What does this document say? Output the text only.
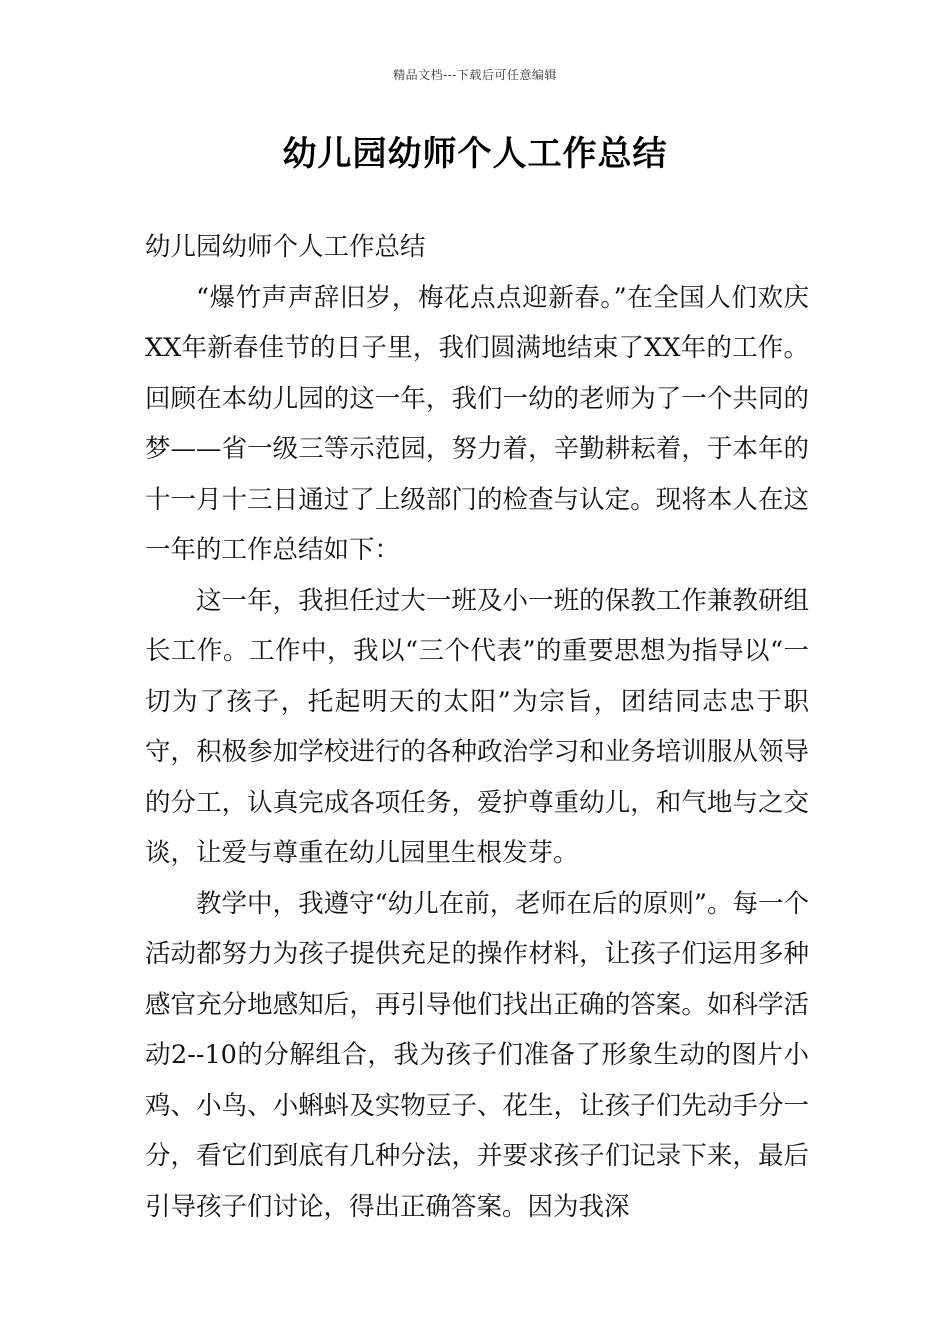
精品文档---下载后可任意编辑
幼儿园幼师个人工作总结

幼儿园幼师个人工作总结

“爆竹声声辞旧岁，梅花点点迎新春。”在全国人们欢庆XX年新春佳节的日子里，我们圆满地结束了XX年的工作。回顾在本幼儿园的这一年，我们一幼的老师为了一个共同的梦——省一级三等示范园，努力着，辛勤耕耘着，于本年的十一月十三日通过了上级部门的检查与认定。现将本人在这一年的工作总结如下：

这一年，我担任过大一班及小一班的保教工作兼教研组长工作。工作中，我以“三个代表”的重要思想为指导以“一切为了孩子，托起明天的太阳”为宗旨，团结同志忠于职守，积极参加学校进行的各种政治学习和业务培训服从领导的分工，认真完成各项任务，爱护尊重幼儿，和气地与之交谈，让爱与尊重在幼儿园里生根发芽。

教学中，我遵守“幼儿在前，老师在后的原则”。每一个活动都努力为孩子提供充足的操作材料，让孩子们运用多种感官充分地感知后，再引导他们找出正确的答案。如科学活动2--10的分解组合，我为孩子们准备了形象生动的图片小鸡、小鸟、小蝌蚪及实物豆子、花生，让孩子们先动手分一分，看它们到底有几种分法，并要求孩子们记录下来，最后引导孩子们讨论，得出正确答案。因为我深
